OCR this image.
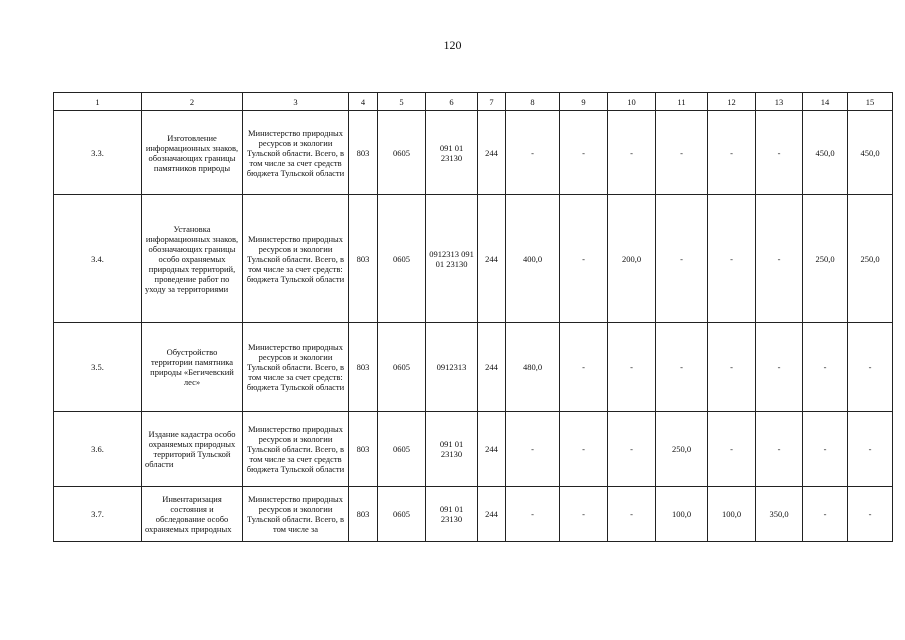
120
1	2	3	4	5	6	7	8	9	10	11	12	13	14	15
3.3.	Изготовление информационных знаков, обозначающих границы памятников природы	Министерство природных ресурсов и экологии Тульской области. Всего, в том числе за счет средств бюджета Тульской области	803	0605	091 01 23130	244	-	-	-	-	-	-	450,0	450,0
3.4.	Установка информационных знаков, обозначающих границы особо охраняемых природных территорий, проведение работ по уходу за территориями	Министерство природных ресурсов и экологии Тульской области. Всего, в том числе за счет средств: бюджета Тульской области	803	0605	0912313 091 01 23130	244	400,0	-	200,0	-	-	-	250,0	250,0
3.5.	Обустройство территории памятника природы «Бегичевский лес»	Министерство природных ресурсов и экологии Тульской области. Всего, в том числе за счет средств: бюджета Тульской области	803	0605	0912313	244	480,0	-	-	-	-	-	-	-
3.6.	Издание кадастра особо охраняемых природных территорий Тульской области	Министерство природных ресурсов и экологии Тульской области. Всего, в том числе за счет средств бюджета Тульской области	803	0605	091 01 23130	244	-	-	-	250,0	-	-	-	-
3.7.	Инвентаризация состояния и обследование особо охраняемых природных	Министерство природных ресурсов и экологии Тульской области. Всего, в том числе за	803	0605	091 01 23130	244	-	-	-	100,0	100,0	350,0	-	-
